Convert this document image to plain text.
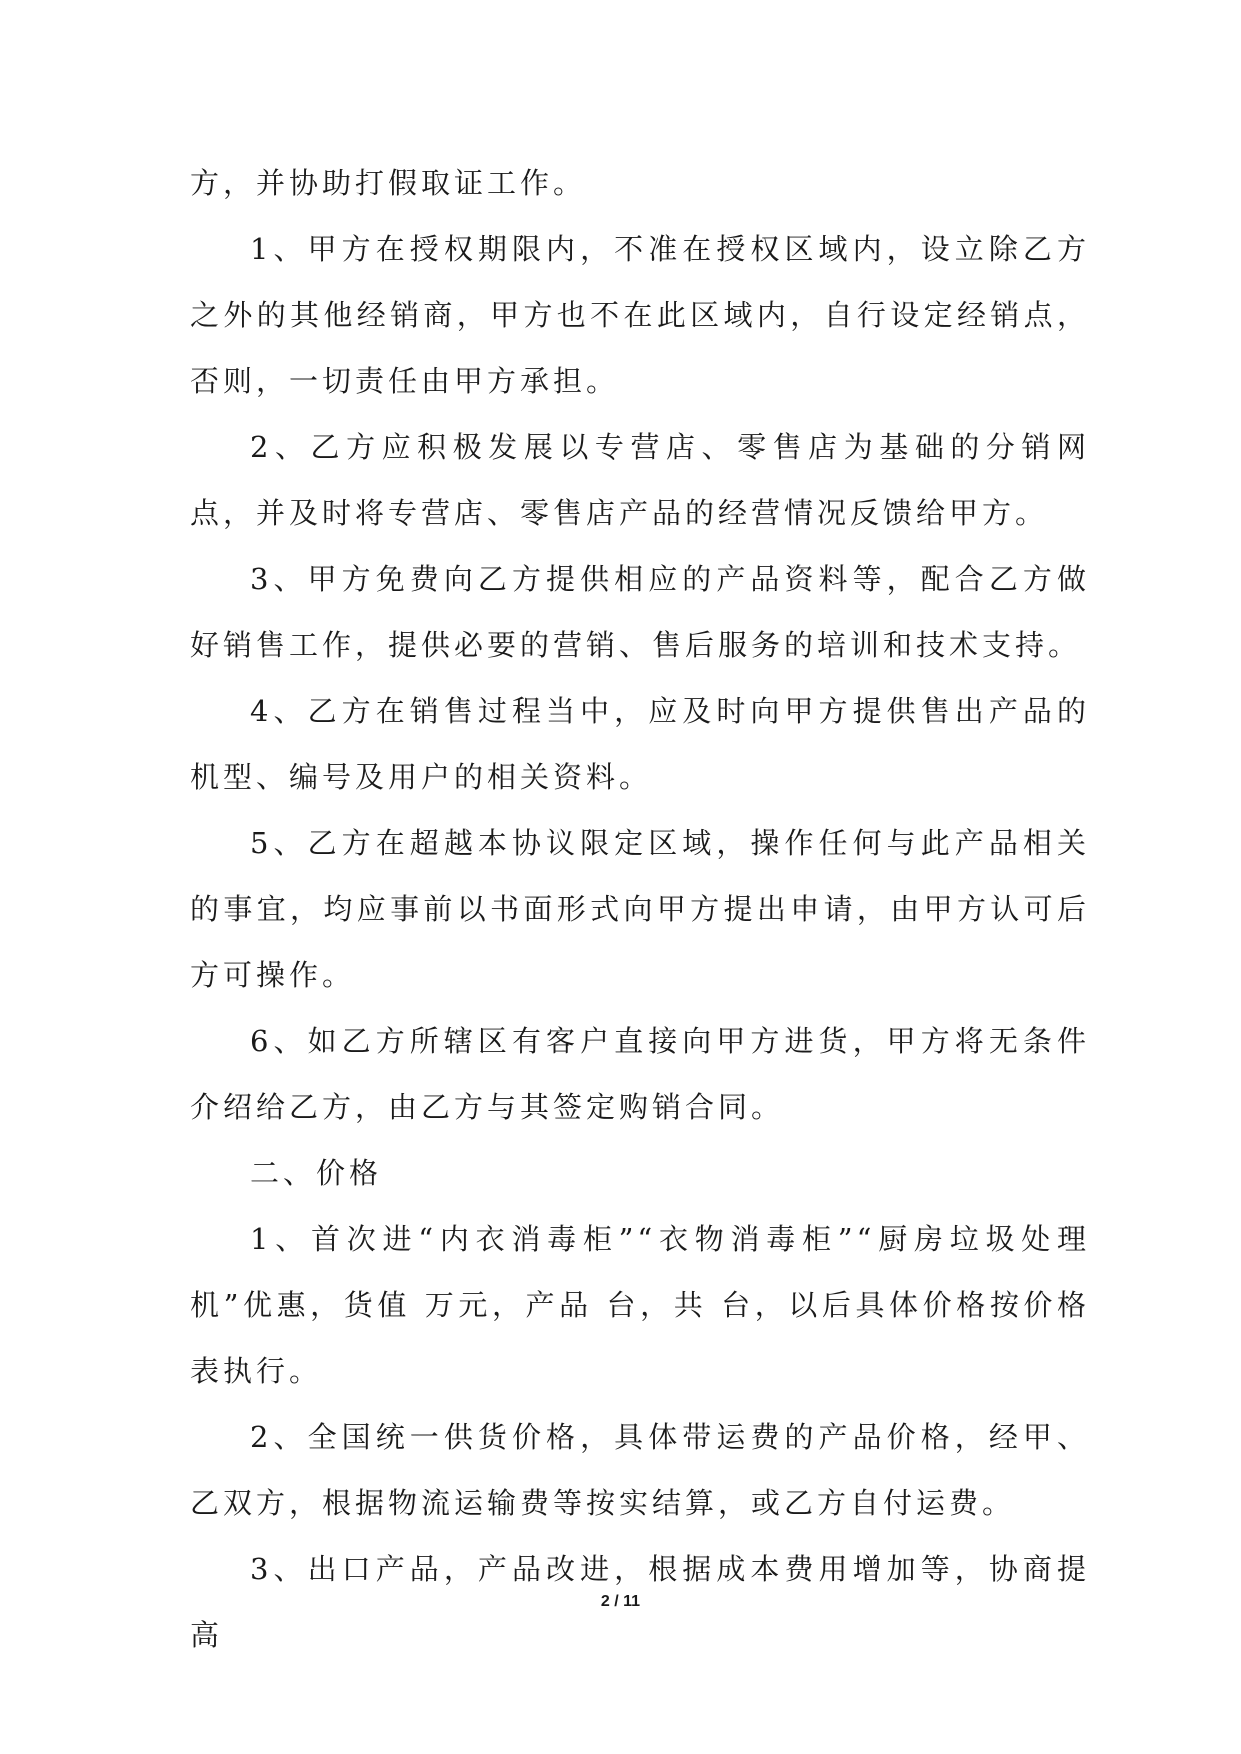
方，并协助打假取证工作。

1、甲方在授权期限内，不准在授权区域内，设立除乙方之外的其他经销商，甲方也不在此区域内，自行设定经销点，否则，一切责任由甲方承担。

2、乙方应积极发展以专营店、零售店为基础的分销网点，并及时将专营店、零售店产品的经营情况反馈给甲方。

3、甲方免费向乙方提供相应的产品资料等，配合乙方做好销售工作，提供必要的营销、售后服务的培训和技术支持。

4、乙方在销售过程当中，应及时向甲方提供售出产品的机型、编号及用户的相关资料。

5、乙方在超越本协议限定区域，操作任何与此产品相关的事宜，均应事前以书面形式向甲方提出申请，由甲方认可后方可操作。

6、如乙方所辖区有客户直接向甲方进货，甲方将无条件介绍给乙方，由乙方与其签定购销合同。

二、价格

1、首次进“内衣消毒柜”“衣物消毒柜”“厨房垃圾处理机”优惠，货值 万元，产品 台，共 台，以后具体价格按价格表执行。

2、全国统一供货价格，具体带运费的产品价格，经甲、乙双方，根据物流运输费等按实结算，或乙方自付运费。

3、出口产品，产品改进，根据成本费用增加等，协商提高

2 / 11
